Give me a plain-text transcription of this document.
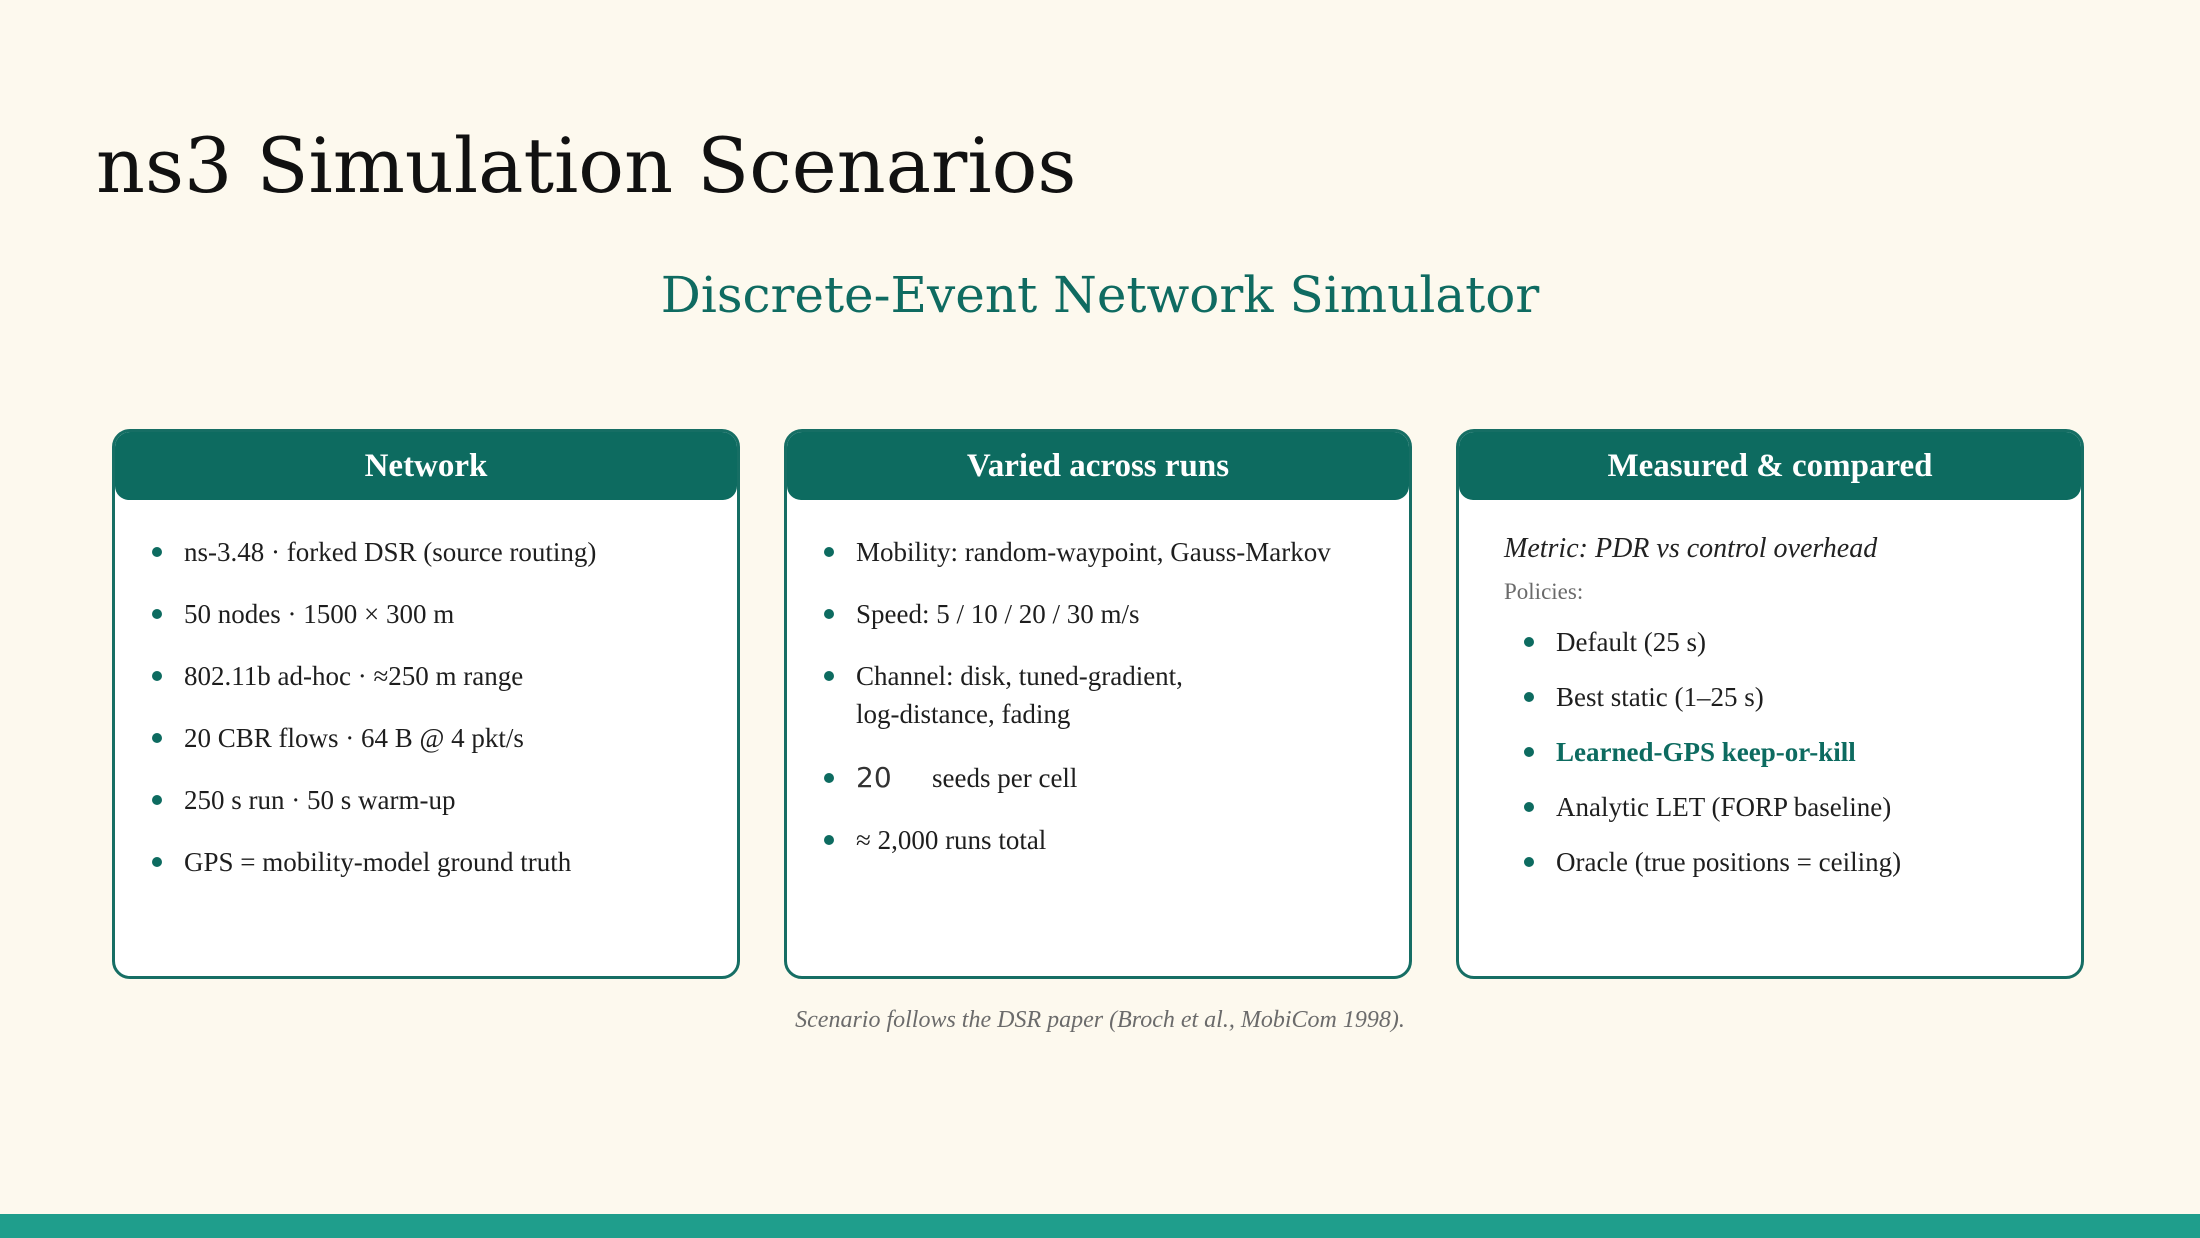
ns3 Simulation Scenarios
Discrete-Event Network Simulator
Network
ns-3.48 · forked DSR (source routing)
50 nodes · 1500 × 300 m
802.11b ad-hoc · ≈250 m range
20 CBR flows · 64 B @ 4 pkt/s
250 s run · 50 s warm-up
GPS = mobility-model ground truth
Varied across runs
Mobility: random-waypoint, Gauss-Markov
Speed: 5 / 10 / 20 / 30 m/s
Channel: disk, tuned-gradient,
log-distance, fading
20 seeds per cell
≈ 2,000 runs total
Measured & compared
Metric: PDR vs control overhead
Policies:
Default (25 s)
Best static (1–25 s)
Learned-GPS keep-or-kill
Analytic LET (FORP baseline)
Oracle (true positions = ceiling)
Scenario follows the DSR paper (Broch et al., MobiCom 1998).
